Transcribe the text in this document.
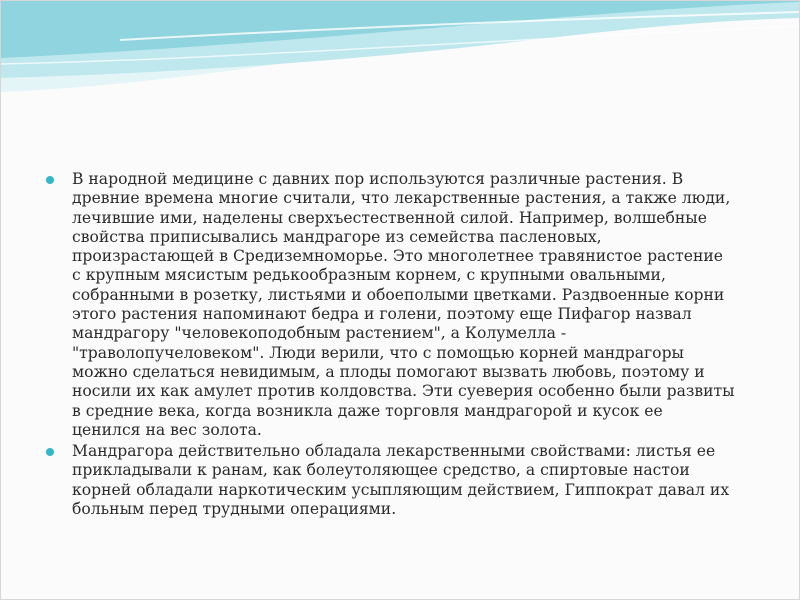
В народной медицине с давних пор используются различные растения. В древние времена многие считали, что лекарственные растения, а также люди, лечившие ими, наделены сверхъестественной силой. Например, волшебные свойства приписывались мандрагоре из семейства пасленовых, произрастающей в Средиземноморье. Это многолетнее травянистое растение с крупным мясистым редькообразным корнем, с крупными овальными, собранными в розетку, листьями и обоеполыми цветками. Раздвоенные корни этого растения напоминают бедра и голени, поэтому еще Пифагор назвал мандрагору "человекоподобным растением", а Колумелла - "траволопучеловеком". Люди верили, что с помощью корней мандрагоры можно сделаться невидимым, а плоды помогают вызвать любовь, поэтому и носили их как амулет против колдовства. Эти суеверия особенно были развиты в средние века, когда возникла даже торговля мандрагорой и кусок ее ценился на вес золота.
Мандрагора действительно обладала лекарственными свойствами: листья ее прикладывали к ранам, как болеутоляющее средство, а спиртовые настои корней обладали наркотическим усыпляющим действием, Гиппократ давал их больным перед трудными операциями.
